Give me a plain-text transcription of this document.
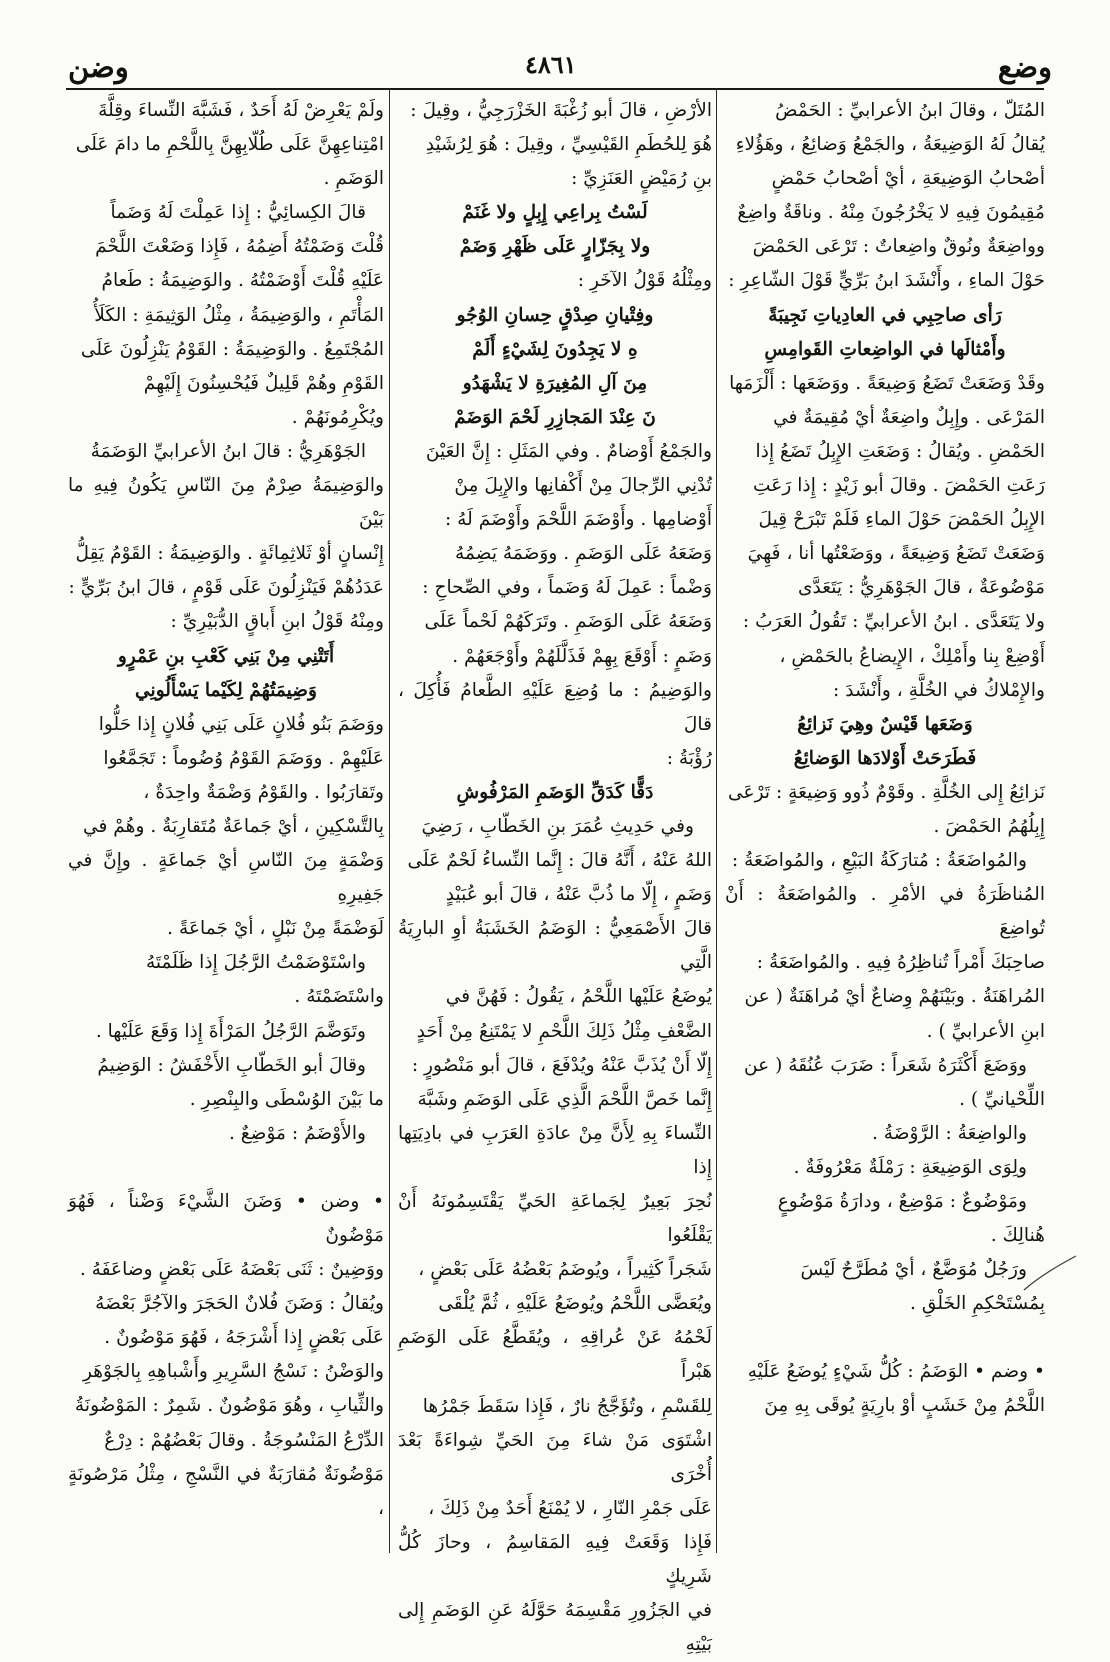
وضع
٤٨٦١
وضن

المُتَلّ ، وقالَ ابنُ الأعرابيِّ : الحَمْضُ

يُقالُ لَهُ الوَضِيعَةُ ، والجَمْعُ وَضائِعُ ، وهَؤُلاءِ

أصْحابُ الوَضِيعَةِ ، أيْ أصْحابُ حَمْضٍ

مُقِيمُونَ فِيهِ لا يَخْرُجُونَ مِنْهُ . وناقَةٌ واضِعٌ

وواضِعَةٌ ونُوقٌ واضِعاتٌ : تَرْعَى الحَمْضَ

حَوْلَ الماءِ ، وأَنْشَدَ ابنُ بَرِّيٍّ قَوْلَ الشّاعِرِ :

رَأى صاحِبِي في العادِياتِ نَجِيبَةً

وأَمْثالَها في الواضِعاتِ القَوامِسِ

وقَدْ وَضَعَتْ تَضَعُ وَضِيعَةً . ووَضَعَها : أَلْزَمَها

المَرْعَى . وإِبِلٌ واضِعَةٌ أيْ مُقِيمَةٌ في

الحَمْضِ . ويُقالُ : وَضَعَتِ الإِبِلُ تَضَعُ إِذا

رَعَتِ الحَمْضَ . وقالَ أبو زَيْدٍ : إِذا رَعَتِ

الإِبِلُ الحَمْضَ حَوْلَ الماءِ فَلَمْ تَبْرَحْ قِيلَ

وَضَعَتْ تَضَعُ وَضِيعَةً ، ووَضَعْتُها أنا ، فَهِيَ

مَوْضُوعَةٌ ، قالَ الجَوْهَرِيُّ : يَتَعَدَّى

ولا يَتَعَدَّى . ابنُ الأعرابيِّ : تَقُولُ العَرَبُ :

أَوْضِعْ بِنا وأَمْلِكْ ، الإِيضاعُ بالحَمْضِ ،

والإِمْلاكُ في الخُلَّةِ ، وأَنْشَدَ :

وَضَعَها قَيْسٌ وهِيَ نَزائِعُ

فَطَرَحَتْ أَوْلادَها الوَضائِعُ

نَزائِعُ إِلى الخُلَّةِ . وقَوْمٌ ذُوو وَضِيعَةٍ : تَرْعَى

إِبِلُهُمُ الحَمْضَ .

والمُواضَعَةُ : مُتارَكَةُ البَيْعِ ، والمُواضَعَةُ :

المُناظَرَةُ في الأمْرِ . والمُواضَعَةُ : أَنْ تُواضِعَ

صاحِبَكَ أَمْراً تُناظِرُهُ فِيهِ . والمُواضَعَةُ :

المُراهَنَةُ . وبَيْنَهُمْ وِضاعٌ أيْ مُراهَنَةٌ ( عن

ابنِ الأعرابيِّ ) .

ووَضَعَ أَكْثَرَهُ شَعَراً : ضَرَبَ عُنُقَهُ ( عن

اللِّحْيانيِّ ) .

والواضِعَةُ : الرَّوْضَةُ .

ولِوَى الوَضِيعَةِ : رَمْلَةٌ مَعْرُوفَةٌ .

ومَوْضُوعٌ : مَوْضِعٌ ، ودارَةُ مَوْضُوعٍ

هُنالِكَ .

ورَجُلٌ مُوَضَّعٌ ، أيْ مُطَرَّحٌ لَيْسَ

بِمُسْتَحْكِمِ الخَلْقِ .

• وضم • الوَضَمُ : كُلُّ شَيْءٍ يُوضَعُ عَلَيْهِ

اللَّحْمُ مِنْ خَشَبٍ أوْ بارِيَةٍ يُوقَى بِهِ مِنَ

الأرْضِ ، قالَ أبو زُغْبَةَ الخَزْرَجِيُّ ، وقِيلَ :

هُوَ لِلحُطَمِ القَيْسِيِّ ، وقِيلَ : هُوَ لِرُشَيْدِ

بنِ رُمَيْضٍ العَنَزِيِّ :

لَسْتُ بِراعِي إِبِلٍ ولا غَنَمْ

ولا بِجَزّارٍ عَلَى ظَهْرِ وَضَمْ

ومِثْلُهُ قَوْلُ الآخَرِ :

وفِتْيانِ صِدْقٍ حِسانِ الوُجُو

هِ لا يَجِدُونَ لِشَيْءٍ أَلَمْ

مِنَ آلِ المُغِيرَةِ لا يَشْهَدُو

نَ عِنْدَ المَجازِرِ لَحْمَ الوَضَمْ

والجَمْعُ أَوْضامٌ . وفي المَثَلِ : إِنَّ العَيْنَ

تُدْنِي الرِّجالَ مِنْ أَكْفانِها والإِبِلَ مِنْ

أَوْضامِها . وأَوْضَمَ اللَّحْمَ وأَوْضَمَ لَهُ :

وَضَعَهُ عَلَى الوَضَمِ . ووَضَمَهُ يَضِمُهُ

وَضْماً : عَمِلَ لَهُ وَضَماً ، وفي الصِّحاحِ :

وَضَعَهُ عَلَى الوَضَمِ . وتَرَكَهُمْ لَحْماً عَلَى

وَضَمٍ : أَوْقَعَ بِهِمْ فَذَلَّلَهُمْ وأَوْجَعَهُمْ .

والوَضِيمُ : ما وُضِعَ عَلَيْهِ الطَّعامُ فَأُكِلَ ، قالَ

رُؤْبَةُ :

دَقًّا كَدَقِّ الوَضَمِ المَرْفُوشِ

وفي حَدِيثِ عُمَرَ بنِ الخَطّابِ ، رَضِيَ

اللهُ عَنْهُ ، أَنَّهُ قالَ : إِنَّما النِّساءُ لَحْمٌ عَلَى

وَضَمٍ ، إِلّا ما ذُبَّ عَنْهُ ، قالَ أبو عُبَيْدٍ

قالَ الأَصْمَعِيُّ : الوَضَمُ الخَشَبَةُ أوِ البارِيَةُ الَّتِي

يُوضَعُ عَلَيْها اللَّحْمُ ، يَقُولُ : فَهُنَّ في

الضَّعْفِ مِثْلُ ذَلِكَ اللَّحْمِ لا يَمْتَنِعُ مِنْ أَحَدٍ

إِلّا أَنْ يُذَبَّ عَنْهُ ويُدْفَعَ ، قالَ أبو مَنْصُورٍ :

إِنَّما خَصَّ اللَّحْمَ الَّذِي عَلَى الوَضَمِ وشَبَّهَ

النِّساءَ بِهِ لِأَنَّ مِنْ عادَةِ العَرَبِ في بادِيَتِها إِذا

نُحِرَ بَعِيرٌ لِجَماعَةِ الحَيِّ يَقْتَسِمُونَهُ أَنْ يَقْلَعُوا

شَجَراً كَثِيراً ، ويُوضَمُ بَعْضُهُ عَلَى بَعْضٍ ،

ويُعَضَّى اللَّحْمُ ويُوضَعُ عَلَيْهِ ، ثُمَّ يُلْقَى

لَحْمُهُ عَنْ عُراقِهِ ، ويُقَطَّعُ عَلَى الوَضَمِ هَبْراً

لِلقَسْمِ ، وتُؤَجَّجُ نارٌ ، فَإِذا سَقَطَ جَمْرُها

اشْتَوَى مَنْ شاءَ مِنَ الحَيِّ شِواءَةً بَعْدَ أُخْرَى

عَلَى جَمْرِ النّارِ ، لا يُمْنَعُ أَحَدٌ مِنْ ذَلِكَ ،

فَإِذا وَقَعَتْ فِيهِ المَقاسِمُ ، وحازَ كُلُّ شَرِيكٍ

في الجَزُورِ مَقْسِمَهُ حَوَّلَهُ عَنِ الوَضَمِ إِلى بَيْتِهِ

ولَمْ يَعْرِضْ لَهُ أَحَدٌ ، فَشَبَّهَ النِّساءَ وقِلَّةَ

امْتِناعِهِنَّ عَلَى طُلّابِهِنَّ بِاللَّحْمِ ما دامَ عَلَى

الوَضَمِ .

قالَ الكِسائِيُّ : إِذا عَمِلْتَ لَهُ وَضَماً

قُلْتَ وَضَمْتُهُ أَضِمُهُ ، فَإِذا وَضَعْتَ اللَّحْمَ

عَلَيْهِ قُلْتَ أَوْضَمْتُهُ . والوَضِيمَةُ : طَعامُ

المَأْتَمِ ، والوَضِيمَةُ ، مِثْلُ الوَثِيمَةِ : الكَلَأُ

المُجْتَمِعُ . والوَضِيمَةُ : القَوْمُ يَنْزِلُونَ عَلَى

القَوْمِ وهُمْ قَلِيلٌ فَيُحْسِنُونَ إِلَيْهِمْ

ويُكْرِمُونَهُمْ .

الجَوْهَرِيُّ : قالَ ابنُ الأعرابيِّ الوَضَمَةُ

والوَضِيمَةُ صِرْمٌ مِنَ النّاسِ يَكُونُ فِيهِ ما بَيْنَ

إِنْسانٍ أوْ ثَلاثِمِائَةٍ . والوَضِيمَةُ : القَوْمُ يَقِلُّ

عَدَدُهُمْ فَيَنْزِلُونَ عَلَى قَوْمٍ ، قالَ ابنُ بَرِّيٍّ :

ومِنْهُ قَوْلُ ابنِ أَباقٍ الدُّبَيْرِيِّ :

أَتَتْنِي مِنْ بَنِي كَعْبِ بنِ عَمْرٍو

وَضِيمَتُهُمْ لِكَيْما يَسْأَلُونِي

ووَضَمَ بَنُو فُلانٍ عَلَى بَنِي فُلانٍ إِذا حَلُّوا

عَلَيْهِمْ . ووَضَمَ القَوْمُ وُضُوماً : تَجَمَّعُوا

وتَقارَبُوا . والقَوْمُ وَضْمَةٌ واحِدَةٌ ،

بِالتَّسْكِينِ ، أيْ جَماعَةٌ مُتَقارِبَةٌ . وهُمْ في

وَضْمَةٍ مِنَ النّاسِ أيْ جَماعَةٍ . وإِنَّ في جَفِيرِهِ

لَوَضْمَةً مِنْ نَبْلٍ ، أيْ جَماعَةً .

واسْتَوْضَمْتُ الرَّجُلَ إِذا ظَلَمْتَهُ

واسْتَضَمْتَهُ .

وتَوَضَّمَ الرَّجُلُ المَرْأَةَ إِذا وَقَعَ عَلَيْها .

وقالَ أبو الخَطّابِ الأَخْفَشُ : الوَضِيمُ

ما بَيْنَ الوُسْطَى والبِنْصِرِ .

والأَوْضَمُ : مَوْضِعٌ .

• وضن • وَضَنَ الشَّيْءَ وَضْناً ، فَهُوَ مَوْضُونٌ

ووَضِينٌ : ثَنَى بَعْضَهُ عَلَى بَعْضٍ وضاعَفَهُ .

ويُقالُ : وَضَنَ فُلانٌ الحَجَرَ والآجُرَّ بَعْضَهُ

عَلَى بَعْضٍ إِذا أَشْرَجَهُ ، فَهُوَ مَوْضُونٌ .

والوَضْنُ : نَسْجُ السَّرِيرِ وأَشْباهِهِ بِالجَوْهَرِ

والثِّيابِ ، وهُوَ مَوْضُونٌ . شَمِرٌ : المَوْضُونَةُ

الدِّرْعُ المَنْسُوجَةُ . وقالَ بَعْضُهُمْ : دِرْعٌ

مَوْضُونَةٌ مُقارَبَةٌ في النَّسْجِ ، مِثْلُ مَرْصُونَةٍ ،
